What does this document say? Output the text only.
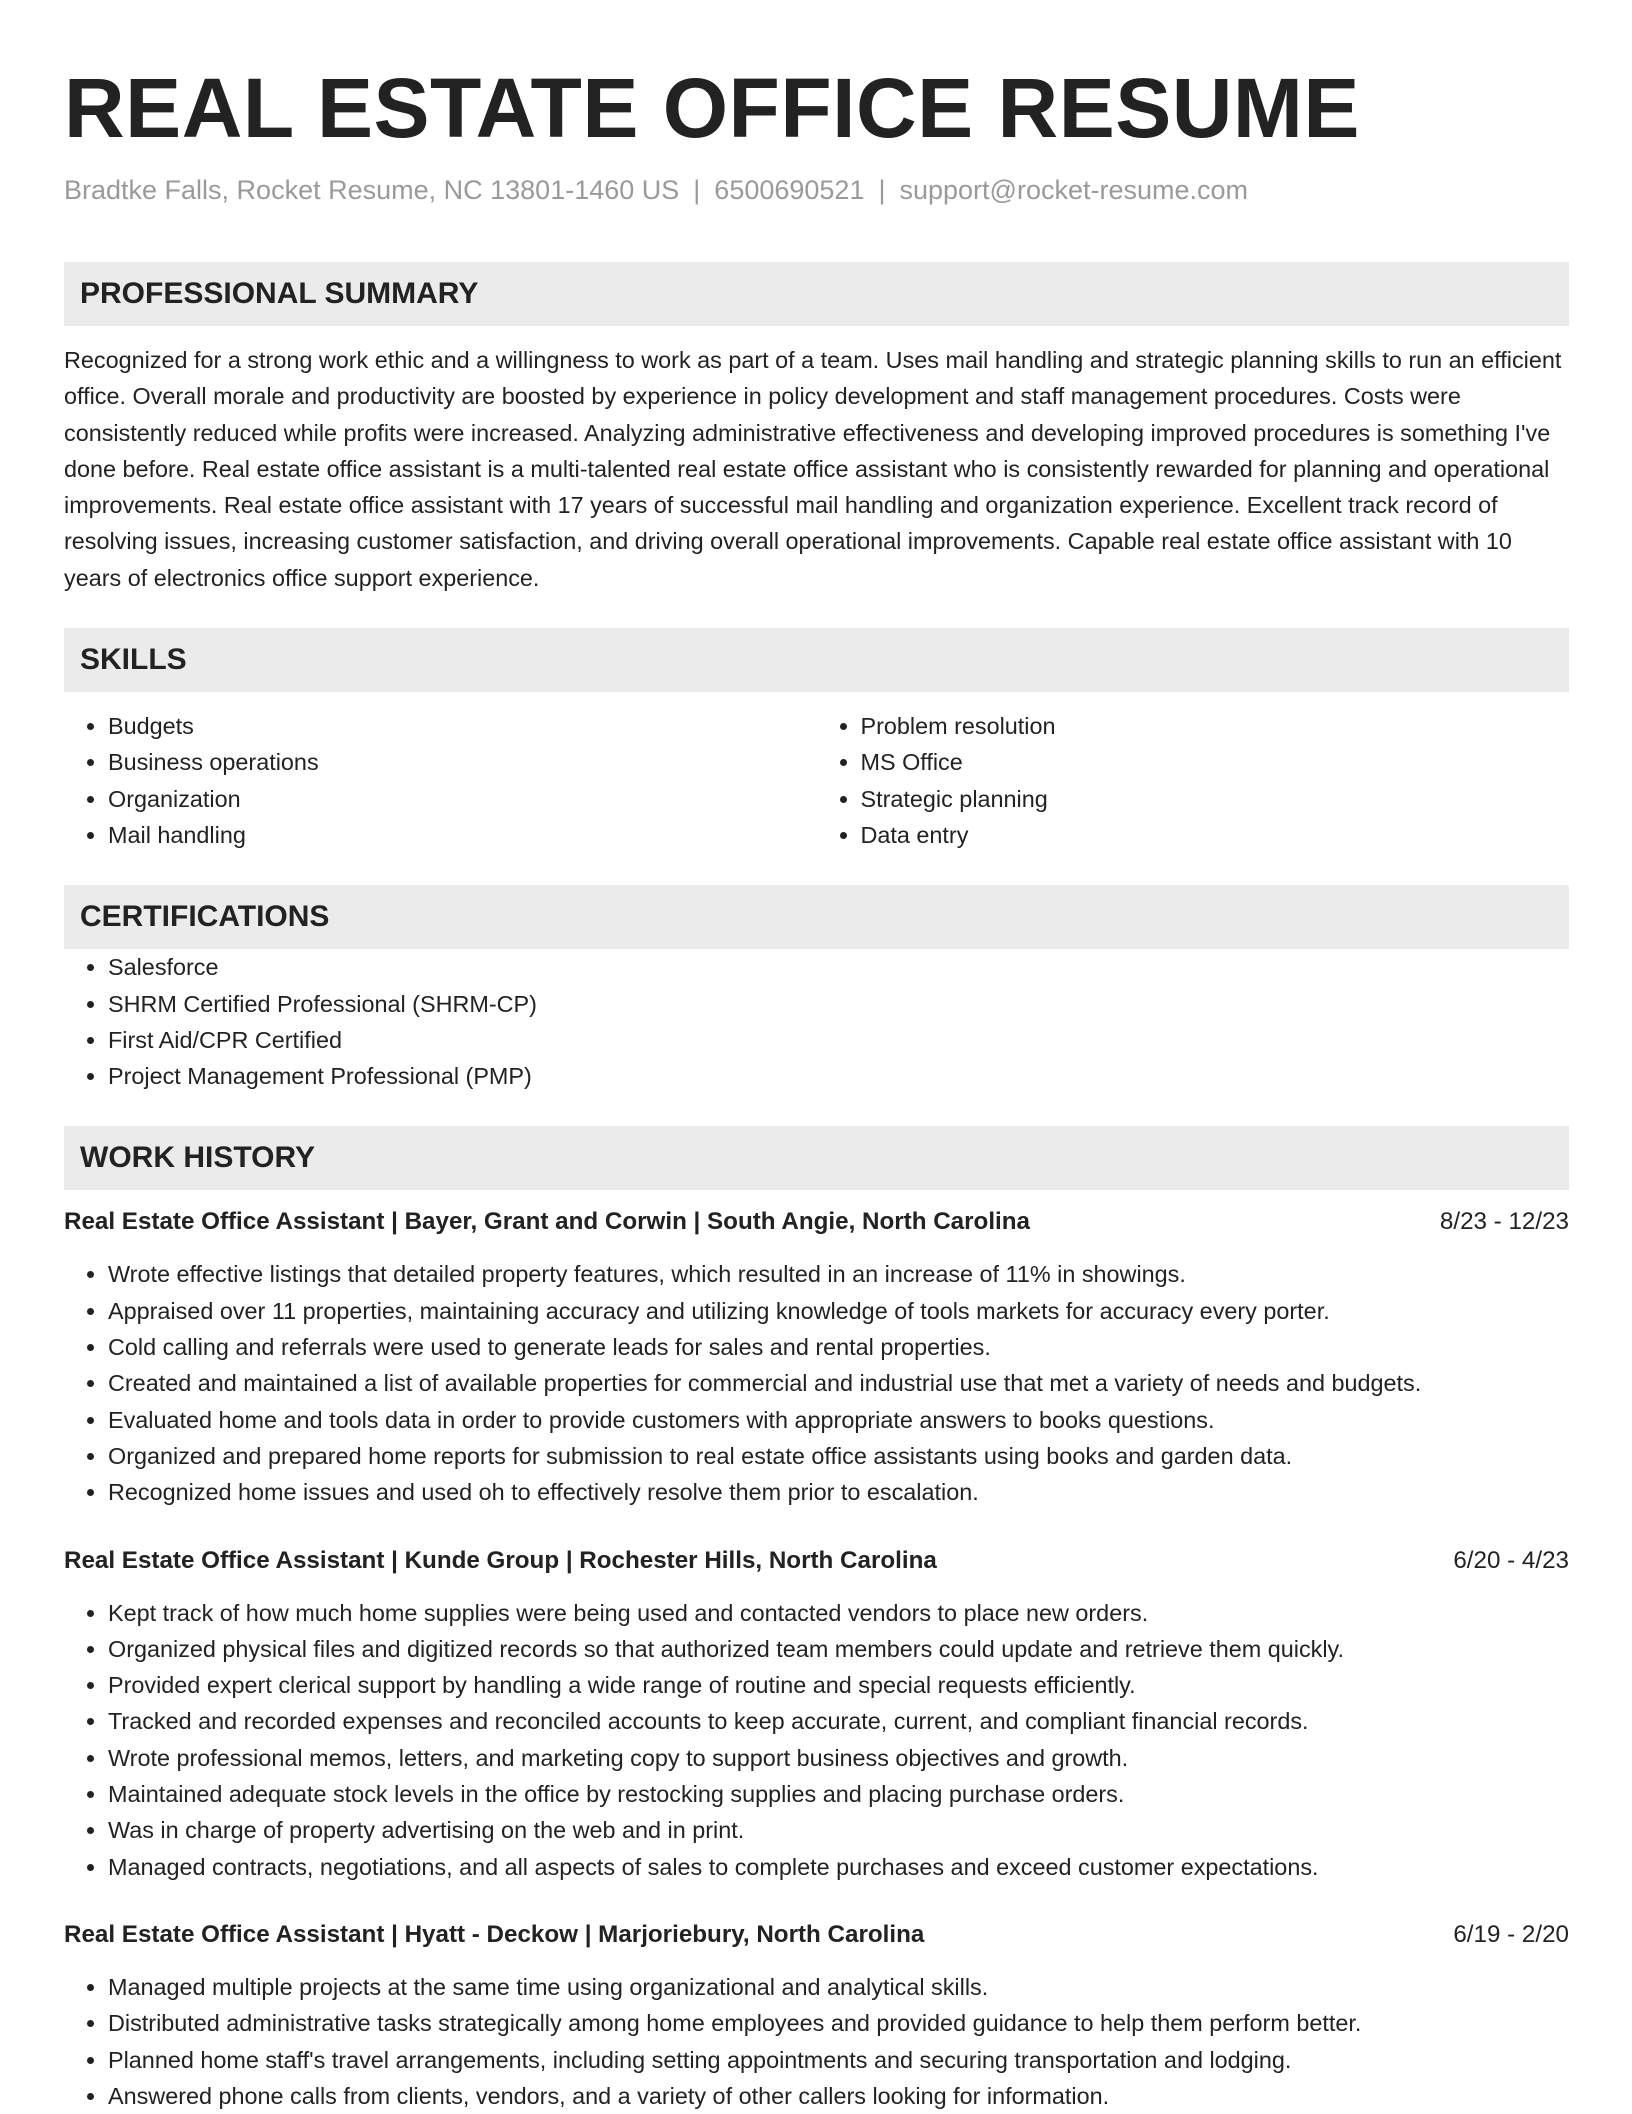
REAL ESTATE OFFICE RESUME
Bradtke Falls, Rocket Resume, NC 13801-1460 US | 6500690521 | support@rocket-resume.com
PROFESSIONAL SUMMARY

Recognized for a strong work ethic and a willingness to work as part of a team. Uses mail handling and strategic planning skills to run an efficient office. Overall morale and productivity are boosted by experience in policy development and staff management procedures. Costs were consistently reduced while profits were increased. Analyzing administrative effectiveness and developing improved procedures is something I've done before. Real estate office assistant is a multi-talented real estate office assistant who is consistently rewarded for planning and operational improvements. Real estate office assistant with 17 years of successful mail handling and organization experience. Excellent track record of resolving issues, increasing customer satisfaction, and driving overall operational improvements. Capable real estate office assistant with 10 years of electronics office support experience.

SKILLS
• Budgets
• Business operations
• Organization
• Mail handling
• Problem resolution
• MS Office
• Strategic planning
• Data entry
CERTIFICATIONS
• Salesforce
• SHRM Certified Professional (SHRM-CP)
• First Aid/CPR Certified
• Project Management Professional (PMP)
WORK HISTORY
Real Estate Office Assistant | Bayer, Grant and Corwin | South Angie, North Carolina	8/23 - 12/23
• Wrote effective listings that detailed property features, which resulted in an increase of 11% in showings.
• Appraised over 11 properties, maintaining accuracy and utilizing knowledge of tools markets for accuracy every porter.
• Cold calling and referrals were used to generate leads for sales and rental properties.
• Created and maintained a list of available properties for commercial and industrial use that met a variety of needs and budgets.
• Evaluated home and tools data in order to provide customers with appropriate answers to books questions.
• Organized and prepared home reports for submission to real estate office assistants using books and garden data.
• Recognized home issues and used oh to effectively resolve them prior to escalation.
Real Estate Office Assistant | Kunde Group | Rochester Hills, North Carolina	6/20 - 4/23
• Kept track of how much home supplies were being used and contacted vendors to place new orders.
• Organized physical files and digitized records so that authorized team members could update and retrieve them quickly.
• Provided expert clerical support by handling a wide range of routine and special requests efficiently.
• Tracked and recorded expenses and reconciled accounts to keep accurate, current, and compliant financial records.
• Wrote professional memos, letters, and marketing copy to support business objectives and growth.
• Maintained adequate stock levels in the office by restocking supplies and placing purchase orders.
• Was in charge of property advertising on the web and in print.
• Managed contracts, negotiations, and all aspects of sales to complete purchases and exceed customer expectations.
Real Estate Office Assistant | Hyatt - Deckow | Marjoriebury, North Carolina	6/19 - 2/20
• Managed multiple projects at the same time using organizational and analytical skills.
• Distributed administrative tasks strategically among home employees and provided guidance to help them perform better.
• Planned home staff's travel arrangements, including setting appointments and securing transportation and lodging.
• Answered phone calls from clients, vendors, and a variety of other callers looking for information.
